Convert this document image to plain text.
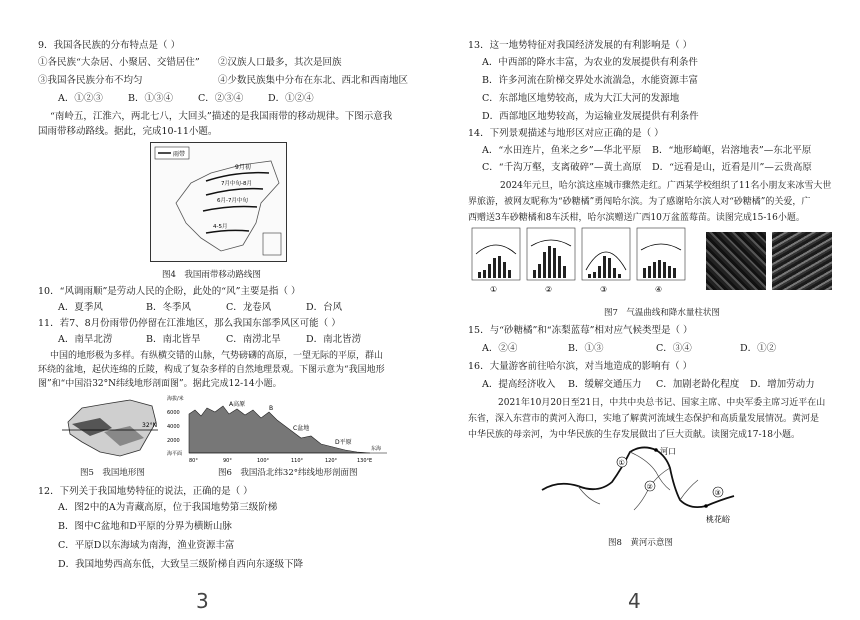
9．我国各民族的分布特点是（ ）
①各民族“大杂居、小聚居、交错居住” ②汉族人口最多，其次是回族
③我国各民族分布不均匀	④少数民族集中分布在东北、西北和西南地区
A．①②③	B．①③④	C．②③④	D．①②④
“南岭五，江淮六，两北七八，大回头”描述的是我国雨带的移动规律。下图示意我
国雨带移动路线。据此，完成10-11小题。
雨带
9月初
7月中旬-8月
6月-7月中旬
4-5月
图4　我国雨带移动路线图
10．“风调雨顺”是劳动人民的企盼，此处的“风”主要是指（ ）
A．夏季风	B．冬季风	C．龙卷风	D．台风
11．若7、8月份雨带仍停留在江淮地区，那么我国东部季风区可能（ ）
A．南旱北涝	B．南北皆旱	C．南涝北旱	D．南北皆涝
中国的地形极为多样。有纵横交错的山脉，气势磅礴的高原，一望无际的平原，群山
环绕的盆地，起伏连绵的丘陵，构成了复杂多样的自然地理景观。下图示意为“我国地形
图”和“中国沿32°N纬线地形剖面图”。据此完成12-14小题。
32°N
图5　我国地形图
海拔/米
6000
4000
2000
海平面
A高原
B
C盆地
D平原
东海
80°	90°	100°	110°	120°	130°E
图6　我国沿北纬32°纬线地形剖面图
12．下列关于我国地势特征的说法，正确的是（ ）
A．图2中的A为青藏高原，位于我国地势第三级阶梯
B．图中C盆地和D平原的分界为横断山脉
C．平原D以东海域为南海，渔业资源丰富
D．我国地势西高东低，大致呈三级阶梯自西向东逐级下降
3
13．这一地势特征对我国经济发展的有利影响是（ ）
A．中西部的降水丰富，为农业的发展提供有利条件
B．许多河流在阶梯交界处水流湍急，水能资源丰富
C．东部地区地势较高，成为大江大河的发源地
D．西部地区地势较高，为运输业发展提供有利条件
14．下列景观描述与地形区对应正确的是（ ）
A．“水田连片，鱼米之乡”—华北平原 B．“地形崎岖，岩溶地表”—东北平原
C．“千沟万壑，支离破碎”—黄土高原 D．“远看是山，近看是川”—云贵高原
2024年元旦，哈尔滨这座城市骤然走红。广西某学校组织了11名小朋友来冰雪大世
界旅游，被网友昵称为“砂糖橘”勇闯哈尔滨。为了感谢哈尔滨人对“砂糖橘”的关爱，广
西赠送3车砂糖橘和8车沃柑，哈尔滨赠送广西10万盆蓝莓苗。读图完成15-16小题。
①	②	③	④
图7　气温曲线和降水量柱状图
15．与“砂糖橘”和“冻梨蓝莓”相对应气候类型是（ ）
A．②④	B．①③	C．③④	D．①②
16．大量游客前往哈尔滨，对当地造成的影响有（ ）
A．提高经济收入 B．缓解交通压力 C．加剧老龄化程度 D．增加劳动力
2021年10月20日至21日，中共中央总书记、国家主席、中央军委主席习近平在山
东省，深入东营市的黄河入海口，实地了解黄河流域生态保护和高质量发展情况。黄河是
中华民族的母亲河，为中华民族的生存发展做出了巨大贡献。读图完成17-18小题。
河口
桃花峪
①
②
③
图8　黄河示意图
4
